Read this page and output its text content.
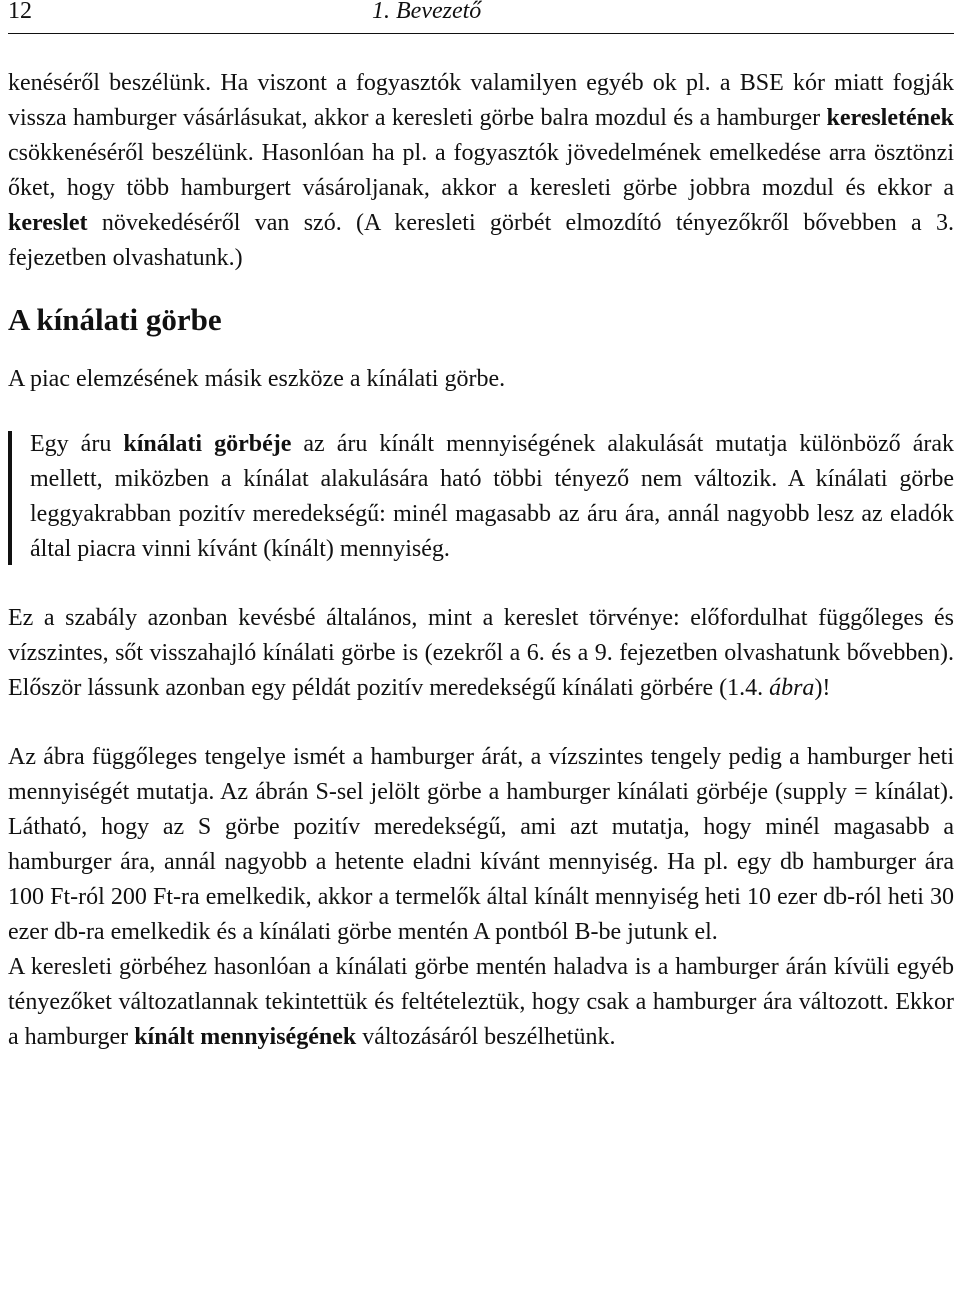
12	1. Bevezető

kenéséről beszélünk. Ha viszont a fogyasztók valamilyen egyéb ok pl. a BSE kór miatt fogják vissza hamburger vásárlásukat, akkor a keresleti görbe balra mozdul és a hamburger keresletének csökkenéséről beszélünk. Hasonlóan ha pl. a fogyasztók jövedelmének emelkedése arra ösztönzi őket, hogy több hamburgert vásároljanak, akkor a keresleti görbe jobbra mozdul és ekkor a kereslet növekedéséről van szó. (A keresleti görbét elmozdító tényezőkről bővebben a 3. fejezetben olvashatunk.)

A kínálati görbe

A piac elemzésének másik eszköze a kínálati görbe.

Egy áru kínálati görbéje az áru kínált mennyiségének alakulását mutatja különböző árak mellett, miközben a kínálat alakulására ható többi tényező nem változik. A kínálati görbe leggyakrabban pozitív meredekségű: minél magasabb az áru ára, annál nagyobb lesz az eladók által piacra vinni kívánt (kínált) mennyiség.

Ez a szabály azonban kevésbé általános, mint a kereslet törvénye: előfordulhat függőleges és vízszintes, sőt visszahajló kínálati görbe is (ezekről a 6. és a 9. fejezetben olvashatunk bővebben). Először lássunk azonban egy példát pozitív meredekségű kínálati görbére (1.4. ábra)!

Az ábra függőleges tengelye ismét a hamburger árát, a vízszintes tengely pedig a hamburger heti mennyiségét mutatja. Az ábrán S-sel jelölt görbe a hamburger kínálati görbéje (supply = kínálat). Látható, hogy az S görbe pozitív meredekségű, ami azt mutatja, hogy minél magasabb a hamburger ára, annál nagyobb a hetente eladni kívánt mennyiség. Ha pl. egy db hamburger ára 100 Ft-ról 200 Ft-ra emelkedik, akkor a termelők által kínált mennyiség heti 10 ezer db-ról heti 30 ezer db-ra emelkedik és a kínálati görbe mentén A pontból B-be jutunk el.

A keresleti görbéhez hasonlóan a kínálati görbe mentén haladva is a hamburger árán kívüli egyéb tényezőket változatlannak tekintettük és feltételeztük, hogy csak a hamburger ára változott. Ekkor a hamburger kínált mennyiségének változásáról beszélhetünk.
